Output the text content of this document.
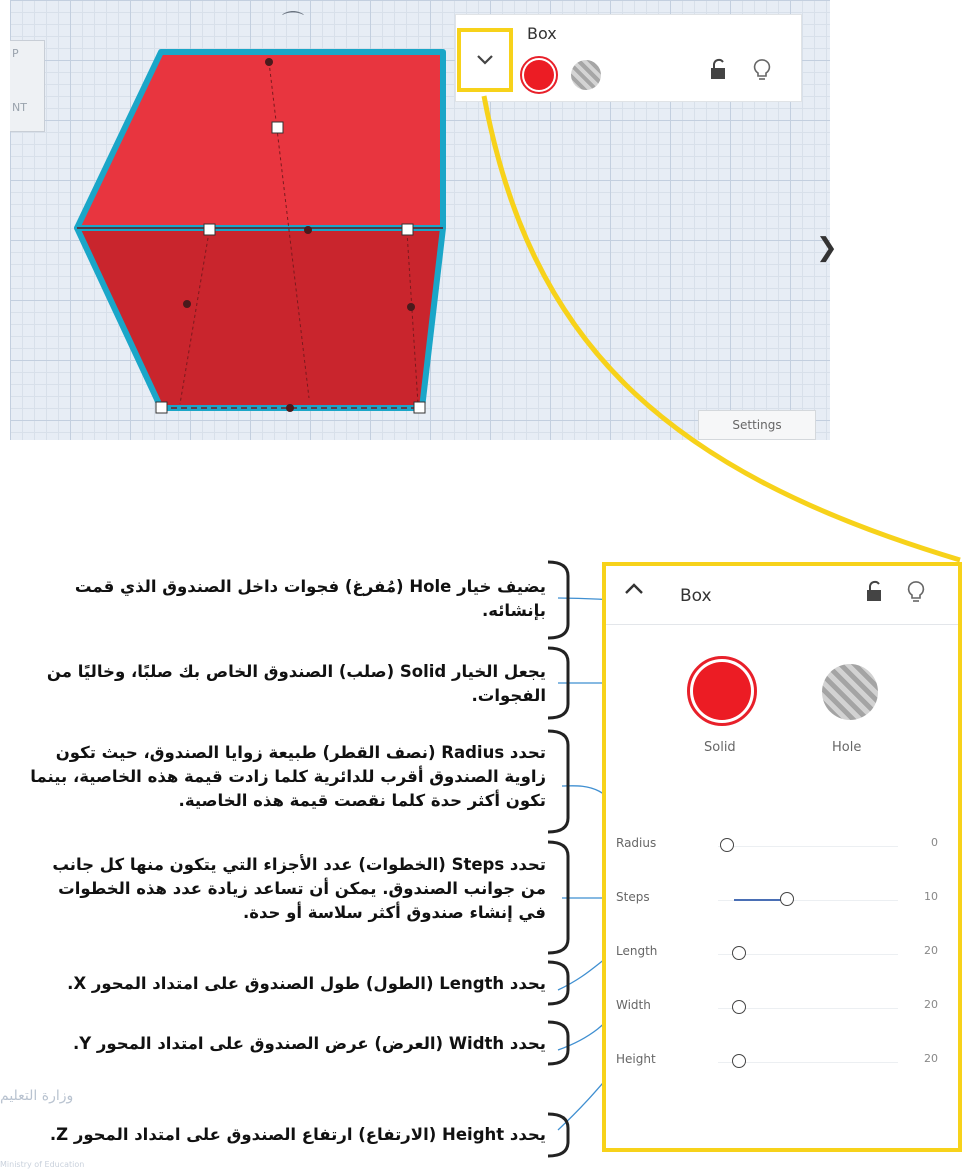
P
NT
⌒
❯
Settings
Box
Box
Solid	Hole
Radius	0
Steps	10
Length	20
Width	20
Height	20
يضيف خيار Hole (مُفرغ) فجوات داخل الصندوق الذي قمت بإنشائه.
يجعل الخيار Solid (صلب) الصندوق الخاص بك صلبًا، وخاليًا من الفجوات.
تحدد Radius (نصف القطر) طبيعة زوايا الصندوق، حيث تكون زاوية الصندوق أقرب للدائرية كلما زادت قيمة هذه الخاصية، بينما تكون أكثر حدة كلما نقصت قيمة هذه الخاصية.
تحدد Steps (الخطوات) عدد الأجزاء التي يتكون منها كل جانب من جوانب الصندوق. يمكن أن تساعد زيادة عدد هذه الخطوات في إنشاء صندوق أكثر سلاسة أو حدة.
يحدد Length (الطول) طول الصندوق على امتداد المحور X.
يحدد Width (العرض) عرض الصندوق على امتداد المحور Y.
يحدد Height (الارتفاع) ارتفاع الصندوق على امتداد المحور Z.
وزارة التعليم
Ministry of Education
